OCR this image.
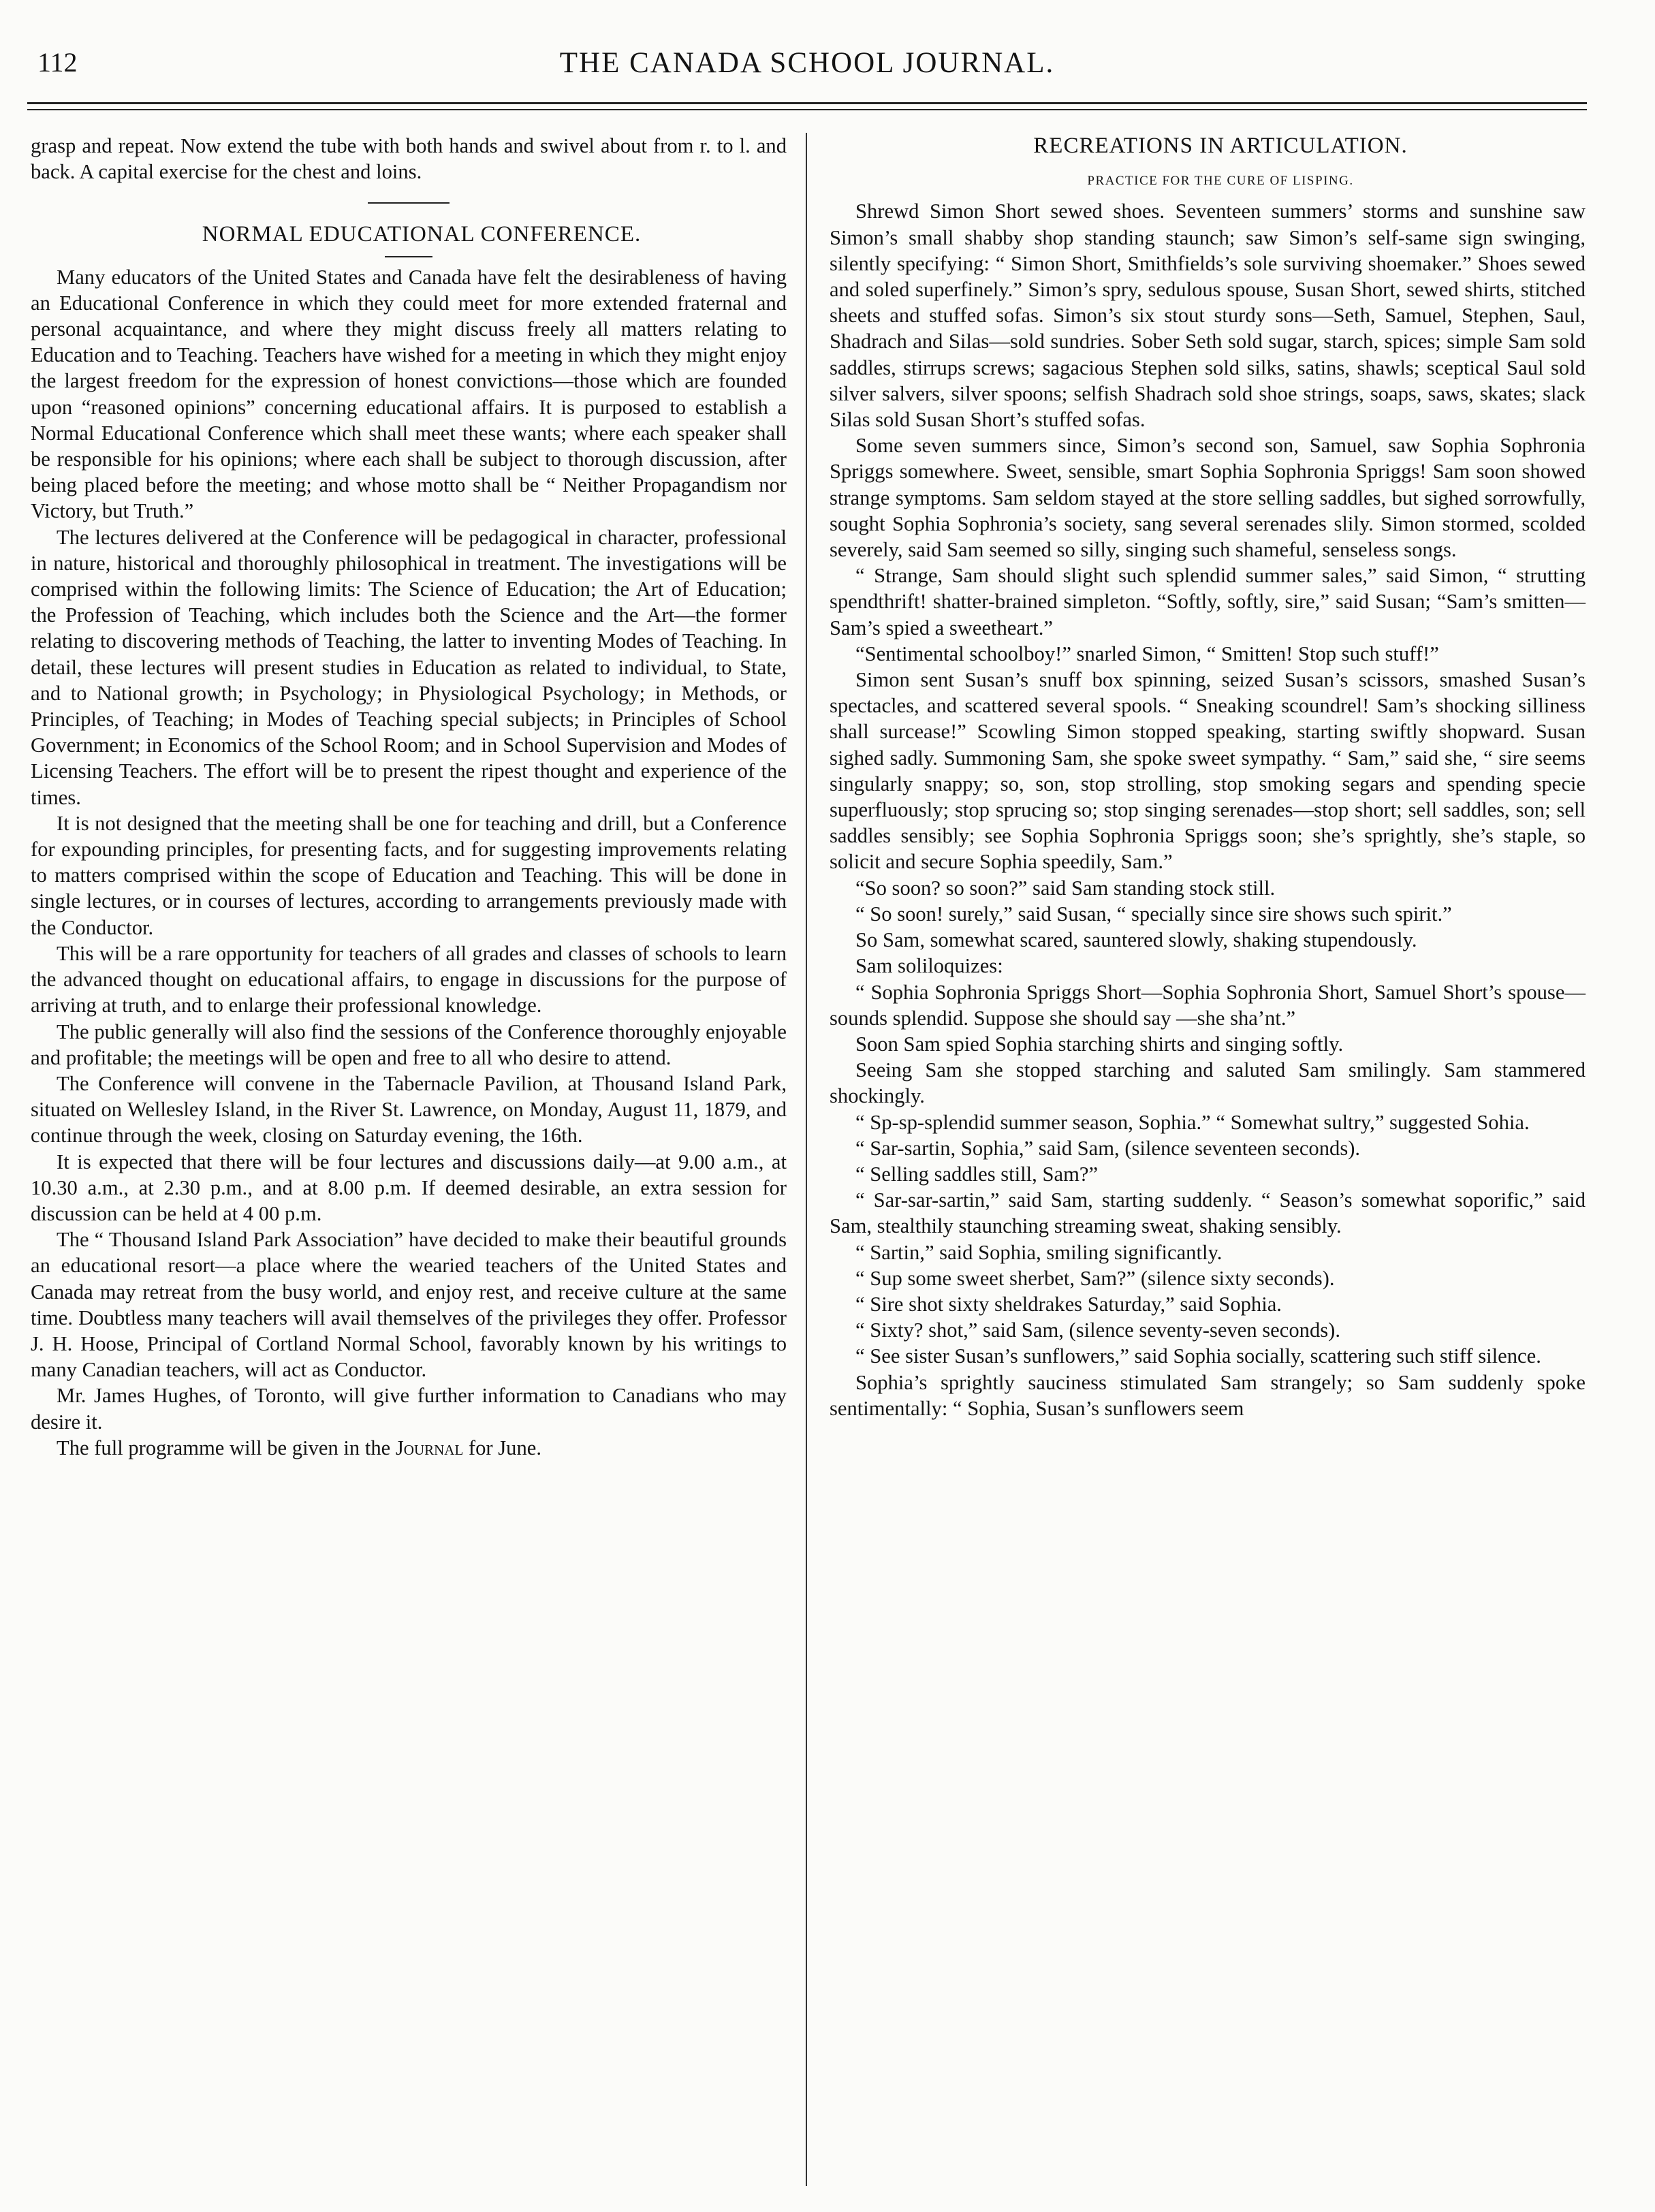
112	THE CANADA SCHOOL JOURNAL.

grasp and repeat. Now extend the tube with both hands and swivel about from r. to l. and back. A capital exercise for the chest and loins.

NORMAL EDUCATIONAL CONFERENCE.

Many educators of the United States and Canada have felt the desirableness of having an Educational Conference in which they could meet for more extended fraternal and personal acquaintance, and where they might discuss freely all matters relating to Education and to Teaching. Teachers have wished for a meeting in which they might enjoy the largest freedom for the expression of honest convictions—those which are founded upon “reasoned opinions” concerning educational affairs. It is purposed to establish a Normal Educational Conference which shall meet these wants; where each speaker shall be responsible for his opinions; where each shall be subject to thorough discussion, after being placed before the meeting; and whose motto shall be “ Neither Propagandism nor Victory, but Truth.”

The lectures delivered at the Conference will be pedagogical in character, professional in nature, historical and thoroughly philosophical in treatment. The investigations will be comprised within the following limits: The Science of Education; the Art of Education; the Profession of Teaching, which includes both the Science and the Art—the former relating to discovering methods of Teaching, the latter to inventing Modes of Teaching. In detail, these lectures will present studies in Education as related to individual, to State, and to National growth; in Psychology; in Physiological Psychology; in Methods, or Principles, of Teaching; in Modes of Teaching special subjects; in Principles of School Government; in Economics of the School Room; and in School Supervision and Modes of Licensing Teachers. The effort will be to present the ripest thought and experience of the times.

It is not designed that the meeting shall be one for teaching and drill, but a Conference for expounding principles, for presenting facts, and for suggesting improvements relating to matters comprised within the scope of Education and Teaching. This will be done in single lectures, or in courses of lectures, according to arrangements previously made with the Conductor.

This will be a rare opportunity for teachers of all grades and classes of schools to learn the advanced thought on educational affairs, to engage in discussions for the purpose of arriving at truth, and to enlarge their professional knowledge.

The public generally will also find the sessions of the Conference thoroughly enjoyable and profitable; the meetings will be open and free to all who desire to attend.

The Conference will convene in the Tabernacle Pavilion, at Thousand Island Park, situated on Wellesley Island, in the River St. Lawrence, on Monday, August 11, 1879, and continue through the week, closing on Saturday evening, the 16th.

It is expected that there will be four lectures and discussions daily—at 9.00 a.m., at 10.30 a.m., at 2.30 p.m., and at 8.00 p.m. If deemed desirable, an extra session for discussion can be held at 4 00 p.m.

The “ Thousand Island Park Association” have decided to make their beautiful grounds an educational resort—a place where the wearied teachers of the United States and Canada may retreat from the busy world, and enjoy rest, and receive culture at the same time. Doubtless many teachers will avail themselves of the privileges they offer. Professor J. H. Hoose, Principal of Cortland Normal School, favorably known by his writings to many Canadian teachers, will act as Conductor.

Mr. James Hughes, of Toronto, will give further information to Canadians who may desire it.

The full programme will be given in the Journal for June.

RECREATIONS IN ARTICULATION.

PRACTICE FOR THE CURE OF LISPING.

Shrewd Simon Short sewed shoes. Seventeen summers’ storms and sunshine saw Simon’s small shabby shop standing staunch; saw Simon’s self-same sign swinging, silently specifying: “ Simon Short, Smithfields’s sole surviving shoemaker.” Shoes sewed and soled superfinely.” Simon’s spry, sedulous spouse, Susan Short, sewed shirts, stitched sheets and stuffed sofas. Simon’s six stout sturdy sons—Seth, Samuel, Stephen, Saul, Shadrach and Silas—sold sundries. Sober Seth sold sugar, starch, spices; simple Sam sold saddles, stirrups screws; sagacious Stephen sold silks, satins, shawls; sceptical Saul sold silver salvers, silver spoons; selfish Shadrach sold shoe strings, soaps, saws, skates; slack Silas sold Susan Short’s stuffed sofas.

Some seven summers since, Simon’s second son, Samuel, saw Sophia Sophronia Spriggs somewhere. Sweet, sensible, smart Sophia Sophronia Spriggs! Sam soon showed strange symptoms. Sam seldom stayed at the store selling saddles, but sighed sorrowfully, sought Sophia Sophronia’s society, sang several serenades slily. Simon stormed, scolded severely, said Sam seemed so silly, singing such shameful, senseless songs.

“ Strange, Sam should slight such splendid summer sales,” said Simon, “ strutting spendthrift! shatter-brained simpleton. “Softly, softly, sire,” said Susan; “Sam’s smitten—Sam’s spied a sweetheart.”

“Sentimental schoolboy!” snarled Simon, “ Smitten! Stop such stuff!”

Simon sent Susan’s snuff box spinning, seized Susan’s scissors, smashed Susan’s spectacles, and scattered several spools. “ Sneaking scoundrel! Sam’s shocking silliness shall surcease!” Scowling Simon stopped speaking, starting swiftly shopward. Susan sighed sadly. Summoning Sam, she spoke sweet sympathy. “ Sam,” said she, “ sire seems singularly snappy; so, son, stop strolling, stop smoking segars and spending specie superfluously; stop sprucing so; stop singing serenades—stop short; sell saddles, son; sell saddles sensibly; see Sophia Sophronia Spriggs soon; she’s sprightly, she’s staple, so solicit and secure Sophia speedily, Sam.”

“So soon? so soon?” said Sam standing stock still.

“ So soon! surely,” said Susan, “ specially since sire shows such spirit.”

So Sam, somewhat scared, sauntered slowly, shaking stupendously.

Sam soliloquizes:

“ Sophia Sophronia Spriggs Short—Sophia Sophronia Short, Samuel Short’s spouse—sounds splendid. Suppose she should say —she sha’nt.”

Soon Sam spied Sophia starching shirts and singing softly.

Seeing Sam she stopped starching and saluted Sam smilingly. Sam stammered shockingly.

“ Sp-sp-splendid summer season, Sophia.” “ Somewhat sultry,” suggested Sohia.

“ Sar-sartin, Sophia,” said Sam, (silence seventeen seconds).

“ Selling saddles still, Sam?”

“ Sar-sar-sartin,” said Sam, starting suddenly. “ Season’s somewhat soporific,” said Sam, stealthily staunching streaming sweat, shaking sensibly.

“ Sartin,” said Sophia, smiling significantly.

“ Sup some sweet sherbet, Sam?” (silence sixty seconds).

“ Sire shot sixty sheldrakes Saturday,” said Sophia.

“ Sixty? shot,” said Sam, (silence seventy-seven seconds).

“ See sister Susan’s sunflowers,” said Sophia socially, scattering such stiff silence.

Sophia’s sprightly sauciness stimulated Sam strangely; so Sam suddenly spoke sentimentally: “ Sophia, Susan’s sunflowers seem
